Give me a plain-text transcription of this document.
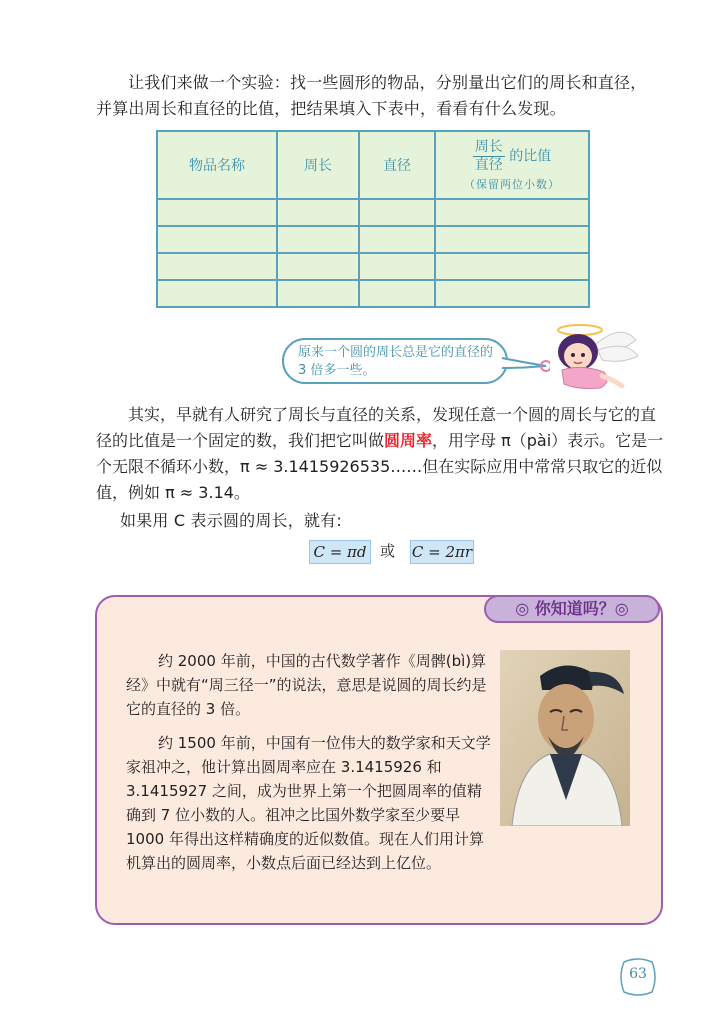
让我们来做一个实验：找一些圆形的物品，分别量出它们的周长和直径，

并算出周长和直径的比值，把结果填入下表中，看看有什么发现。

物品名称	周长	直径	$\frac{\text{周长}}{\text{直径}}$ 的比值
（保留两位小数）

原来一个圆的周长总是它的直径的 3 倍多一些。

其实，早就有人研究了周长与直径的关系，发现任意一个圆的周长与它的直径的比值是一个固定的数，我们把它叫做圆周率，用字母 π（pài）表示。它是一个无限不循环小数，π ≈ 3.1415926535……但在实际应用中常常只取它的近似值，例如 π ≈ 3.14。

如果用 C 表示圆的周长，就有:
C = πd 或 C = 2πr
◎ 你知道吗？◎

约 2000 年前，中国的古代数学著作《周髀(bì)算经》中就有“周三径一”的说法，意思是说圆的周长约是它的直径的 3 倍。

约 1500 年前，中国有一位伟大的数学家和天文学家祖冲之，他计算出圆周率应在 3.1415926 和 3.1415927 之间，成为世界上第一个把圆周率的值精确到 7 位小数的人。祖冲之比国外数学家至少要早 1000 年得出这样精确度的近似数值。现在人们用计算机算出的圆周率，小数点后面已经达到上亿位。

63
